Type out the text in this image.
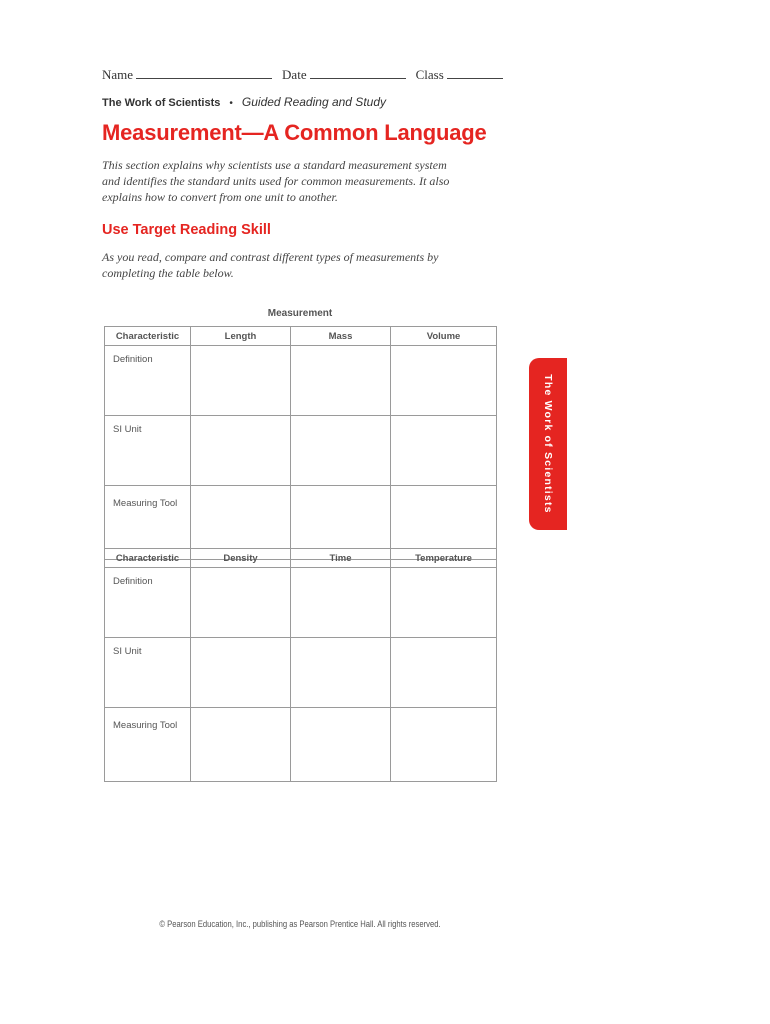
Name	Date	Class
The Work of Scientists • Guided Reading and Study
Measurement—A Common Language

This section explains why scientists use a standard measurement system and identifies the standard units used for common measurements. It also explains how to convert from one unit to another.

Use Target Reading Skill

As you read, compare and contrast different types of measurements by completing the table below.

Measurement
Characteristic	Length	Mass	Volume
Definition			
SI Unit			
Measuring Tool			
Characteristic	Density	Time	Temperature
Definition			
SI Unit			
Measuring Tool			
The Work of Scientists
© Pearson Education, Inc., publishing as Pearson Prentice Hall. All rights reserved.
